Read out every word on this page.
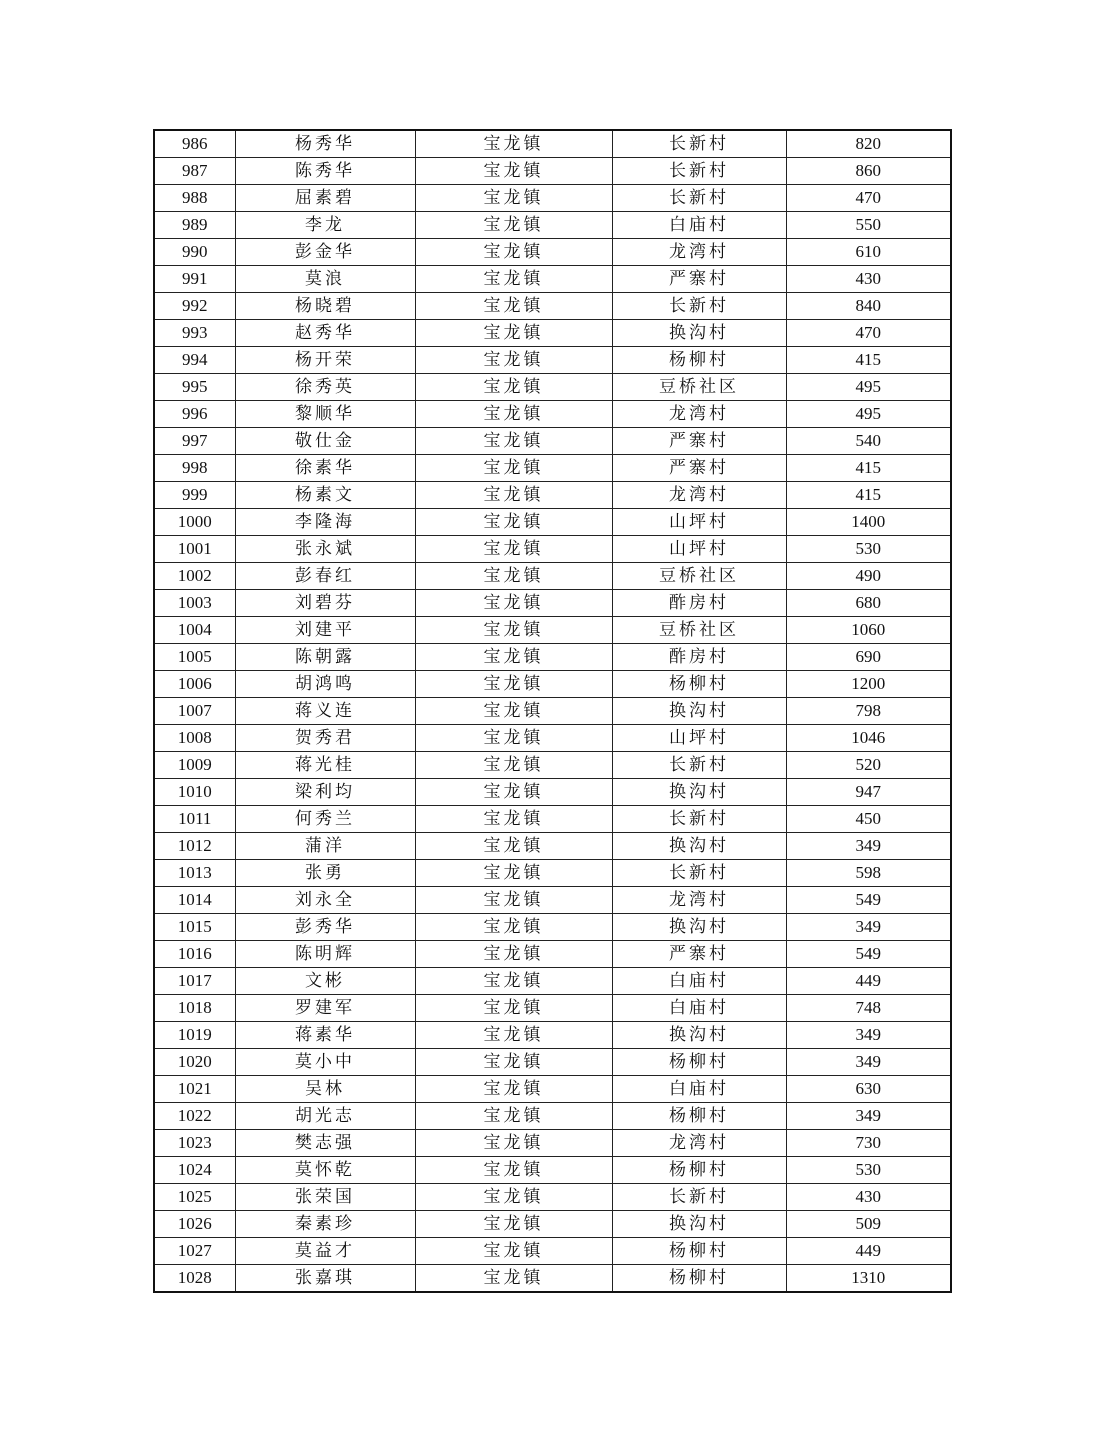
986	杨秀华	宝龙镇	长新村	820
987	陈秀华	宝龙镇	长新村	860
988	屈素碧	宝龙镇	长新村	470
989	李龙	宝龙镇	白庙村	550
990	彭金华	宝龙镇	龙湾村	610
991	莫浪	宝龙镇	严寨村	430
992	杨晓碧	宝龙镇	长新村	840
993	赵秀华	宝龙镇	换沟村	470
994	杨开荣	宝龙镇	杨柳村	415
995	徐秀英	宝龙镇	豆桥社区	495
996	黎顺华	宝龙镇	龙湾村	495
997	敬仕金	宝龙镇	严寨村	540
998	徐素华	宝龙镇	严寨村	415
999	杨素文	宝龙镇	龙湾村	415
1000	李隆海	宝龙镇	山坪村	1400
1001	张永斌	宝龙镇	山坪村	530
1002	彭春红	宝龙镇	豆桥社区	490
1003	刘碧芬	宝龙镇	酢房村	680
1004	刘建平	宝龙镇	豆桥社区	1060
1005	陈朝露	宝龙镇	酢房村	690
1006	胡鸿鸣	宝龙镇	杨柳村	1200
1007	蒋义连	宝龙镇	换沟村	798
1008	贺秀君	宝龙镇	山坪村	1046
1009	蒋光桂	宝龙镇	长新村	520
1010	梁利均	宝龙镇	换沟村	947
1011	何秀兰	宝龙镇	长新村	450
1012	蒲洋	宝龙镇	换沟村	349
1013	张勇	宝龙镇	长新村	598
1014	刘永全	宝龙镇	龙湾村	549
1015	彭秀华	宝龙镇	换沟村	349
1016	陈明辉	宝龙镇	严寨村	549
1017	文彬	宝龙镇	白庙村	449
1018	罗建军	宝龙镇	白庙村	748
1019	蒋素华	宝龙镇	换沟村	349
1020	莫小中	宝龙镇	杨柳村	349
1021	吴林	宝龙镇	白庙村	630
1022	胡光志	宝龙镇	杨柳村	349
1023	樊志强	宝龙镇	龙湾村	730
1024	莫怀乾	宝龙镇	杨柳村	530
1025	张荣国	宝龙镇	长新村	430
1026	秦素珍	宝龙镇	换沟村	509
1027	莫益才	宝龙镇	杨柳村	449
1028	张嘉琪	宝龙镇	杨柳村	1310
